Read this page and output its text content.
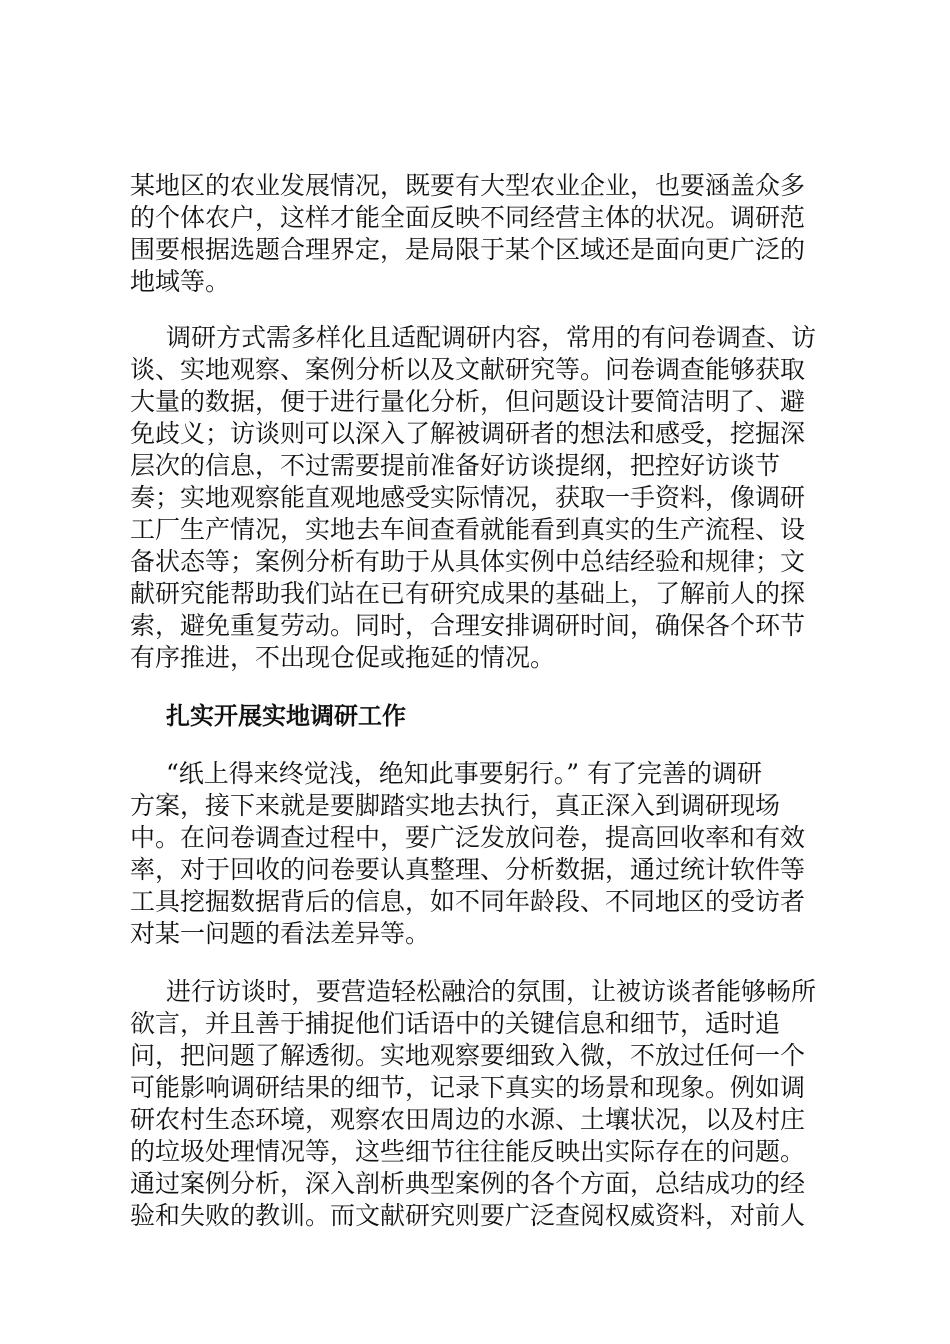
某地区的农业发展情况，既要有大型农业企业，也要涵盖众多

的个体农户，这样才能全面反映不同经营主体的状况。调研范

围要根据选题合理界定，是局限于某个区域还是面向更广泛的

地域等。

调研方式需多样化且适配调研内容，常用的有问卷调查、访

谈、实地观察、案例分析以及文献研究等。问卷调查能够获取

大量的数据，便于进行量化分析，但问题设计要简洁明了、避

免歧义；访谈则可以深入了解被调研者的想法和感受，挖掘深

层次的信息，不过需要提前准备好访谈提纲，把控好访谈节

奏；实地观察能直观地感受实际情况，获取一手资料，像调研

工厂生产情况，实地去车间查看就能看到真实的生产流程、设

备状态等；案例分析有助于从具体实例中总结经验和规律；文

献研究能帮助我们站在已有研究成果的基础上，了解前人的探

索，避免重复劳动。同时，合理安排调研时间，确保各个环节

有序推进，不出现仓促或拖延的情况。

扎实开展实地调研工作

“纸上得来终觉浅，绝知此事要躬行。” 有了完善的调研

方案，接下来就是要脚踏实地去执行，真正深入到调研现场

中。在问卷调查过程中，要广泛发放问卷，提高回收率和有效

率，对于回收的问卷要认真整理、分析数据，通过统计软件等

工具挖掘数据背后的信息，如不同年龄段、不同地区的受访者

对某一问题的看法差异等。

进行访谈时，要营造轻松融洽的氛围，让被访谈者能够畅所

欲言，并且善于捕捉他们话语中的关键信息和细节，适时追

问，把问题了解透彻。实地观察要细致入微，不放过任何一个

可能影响调研结果的细节，记录下真实的场景和现象。例如调

研农村生态环境，观察农田周边的水源、土壤状况，以及村庄

的垃圾处理情况等，这些细节往往能反映出实际存在的问题。

通过案例分析，深入剖析典型案例的各个方面，总结成功的经

验和失败的教训。而文献研究则要广泛查阅权威资料，对前人
